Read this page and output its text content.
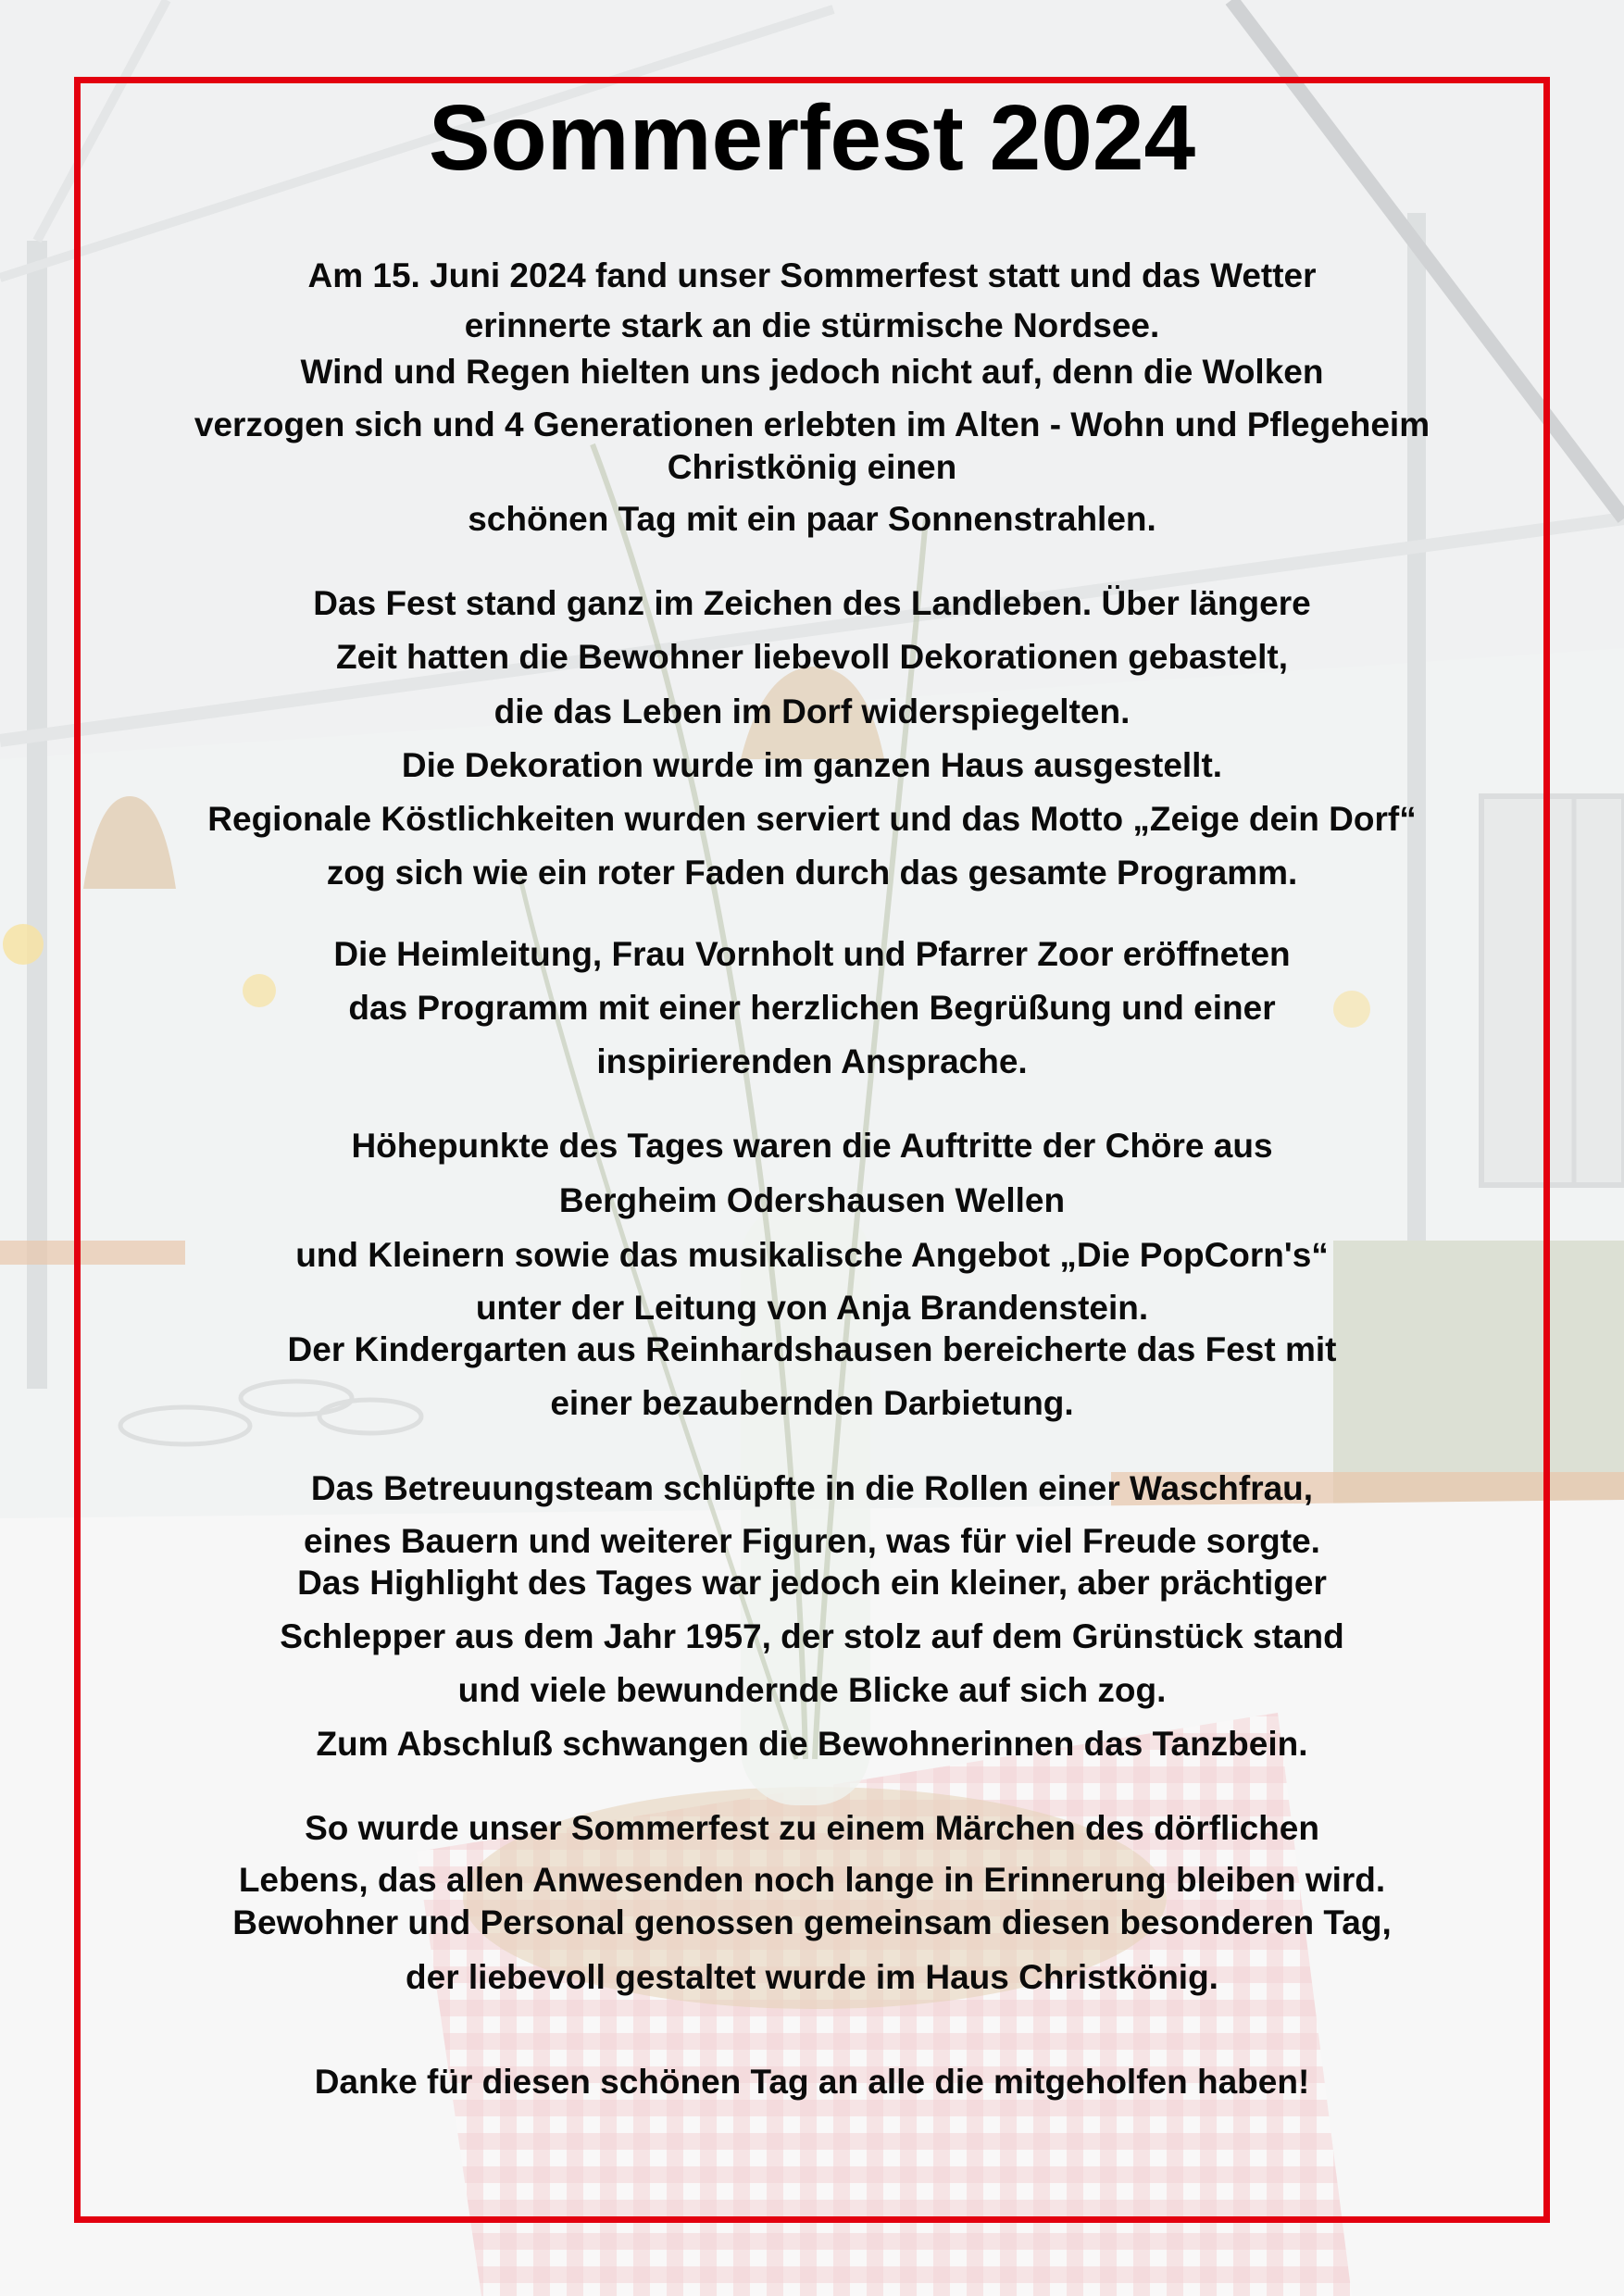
Sommerfest 2024
Am 15. Juni 2024 fand unser Sommerfest statt und das Wetter
erinnerte stark an die stürmische Nordsee.
Wind und Regen hielten uns jedoch nicht auf, denn die Wolken
verzogen sich und 4 Generationen erlebten im Alten - Wohn und Pflegeheim
Christkönig einen
schönen Tag mit ein paar Sonnenstrahlen.
Das Fest stand ganz im Zeichen des Landleben. Über längere
Zeit hatten die Bewohner liebevoll Dekorationen gebastelt,
die das Leben im Dorf widerspiegelten.
Die Dekoration wurde im ganzen Haus ausgestellt.
Regionale Köstlichkeiten wurden serviert und das Motto „Zeige dein Dorf“
zog sich wie ein roter Faden durch das gesamte Programm.
Die Heimleitung, Frau Vornholt und Pfarrer Zoor eröffneten
das Programm mit einer herzlichen Begrüßung und einer
inspirierenden Ansprache.
Höhepunkte des Tages waren die Auftritte der Chöre aus
Bergheim Odershausen Wellen
und Kleinern sowie das musikalische Angebot „Die PopCorn's“
unter der Leitung von Anja Brandenstein.
Der Kindergarten aus Reinhardshausen bereicherte das Fest mit
einer bezaubernden Darbietung.
Das Betreuungsteam schlüpfte in die Rollen einer Waschfrau,
eines Bauern und weiterer Figuren, was für viel Freude sorgte.
Das Highlight des Tages war jedoch ein kleiner, aber prächtiger
Schlepper aus dem Jahr 1957, der stolz auf dem Grünstück stand
und viele bewundernde Blicke auf sich zog.
Zum Abschluß schwangen die Bewohnerinnen das Tanzbein.
So wurde unser Sommerfest zu einem Märchen des dörflichen
Lebens, das allen Anwesenden noch lange in Erinnerung bleiben wird.
Bewohner und Personal genossen gemeinsam diesen besonderen Tag,
der liebevoll gestaltet wurde im Haus Christkönig.
Danke für diesen schönen Tag an alle die mitgeholfen haben!
